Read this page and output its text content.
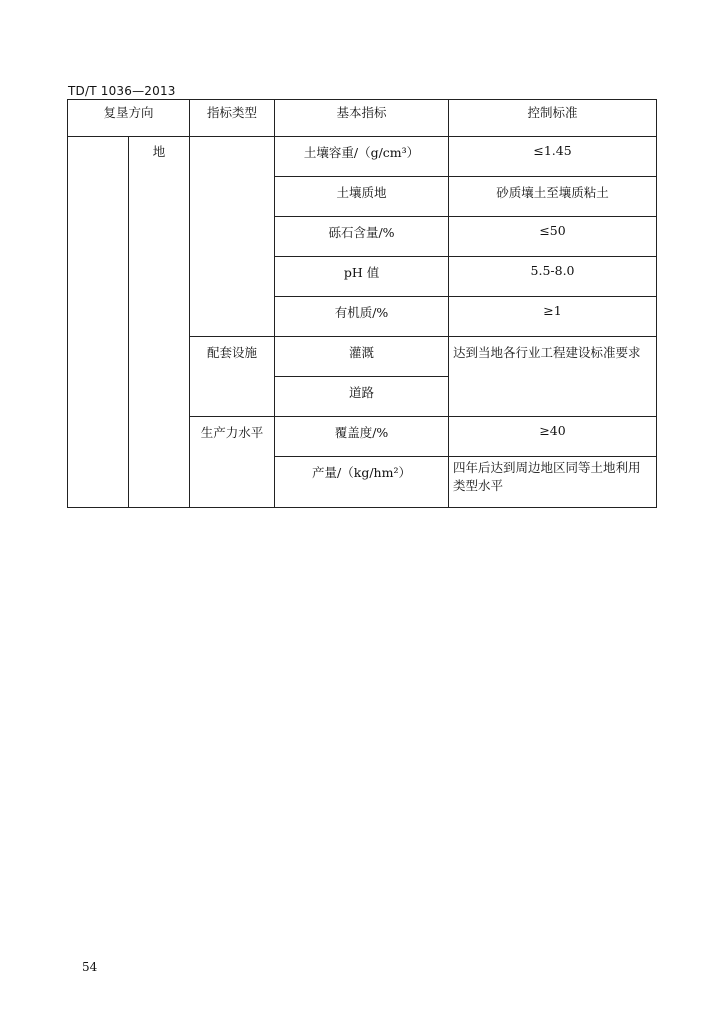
TD/T 1036—2013
复垦方向		指标类型	基本指标	控制标准
	地		土壤容重/（g/cm³）	≤1.45
			土壤质地	砂质壤土至壤质粘土
			砾石含量/%	≤50
			pH 值	5.5-8.0
			有机质/%	≥1
		配套设施	灌溉	达到当地各行业工程建设标准要求
			道路	
		生产力水平	覆盖度/%	≥40
			产量/（kg/hm²）	四年后达到周边地区同等土地利用类型水平
54
